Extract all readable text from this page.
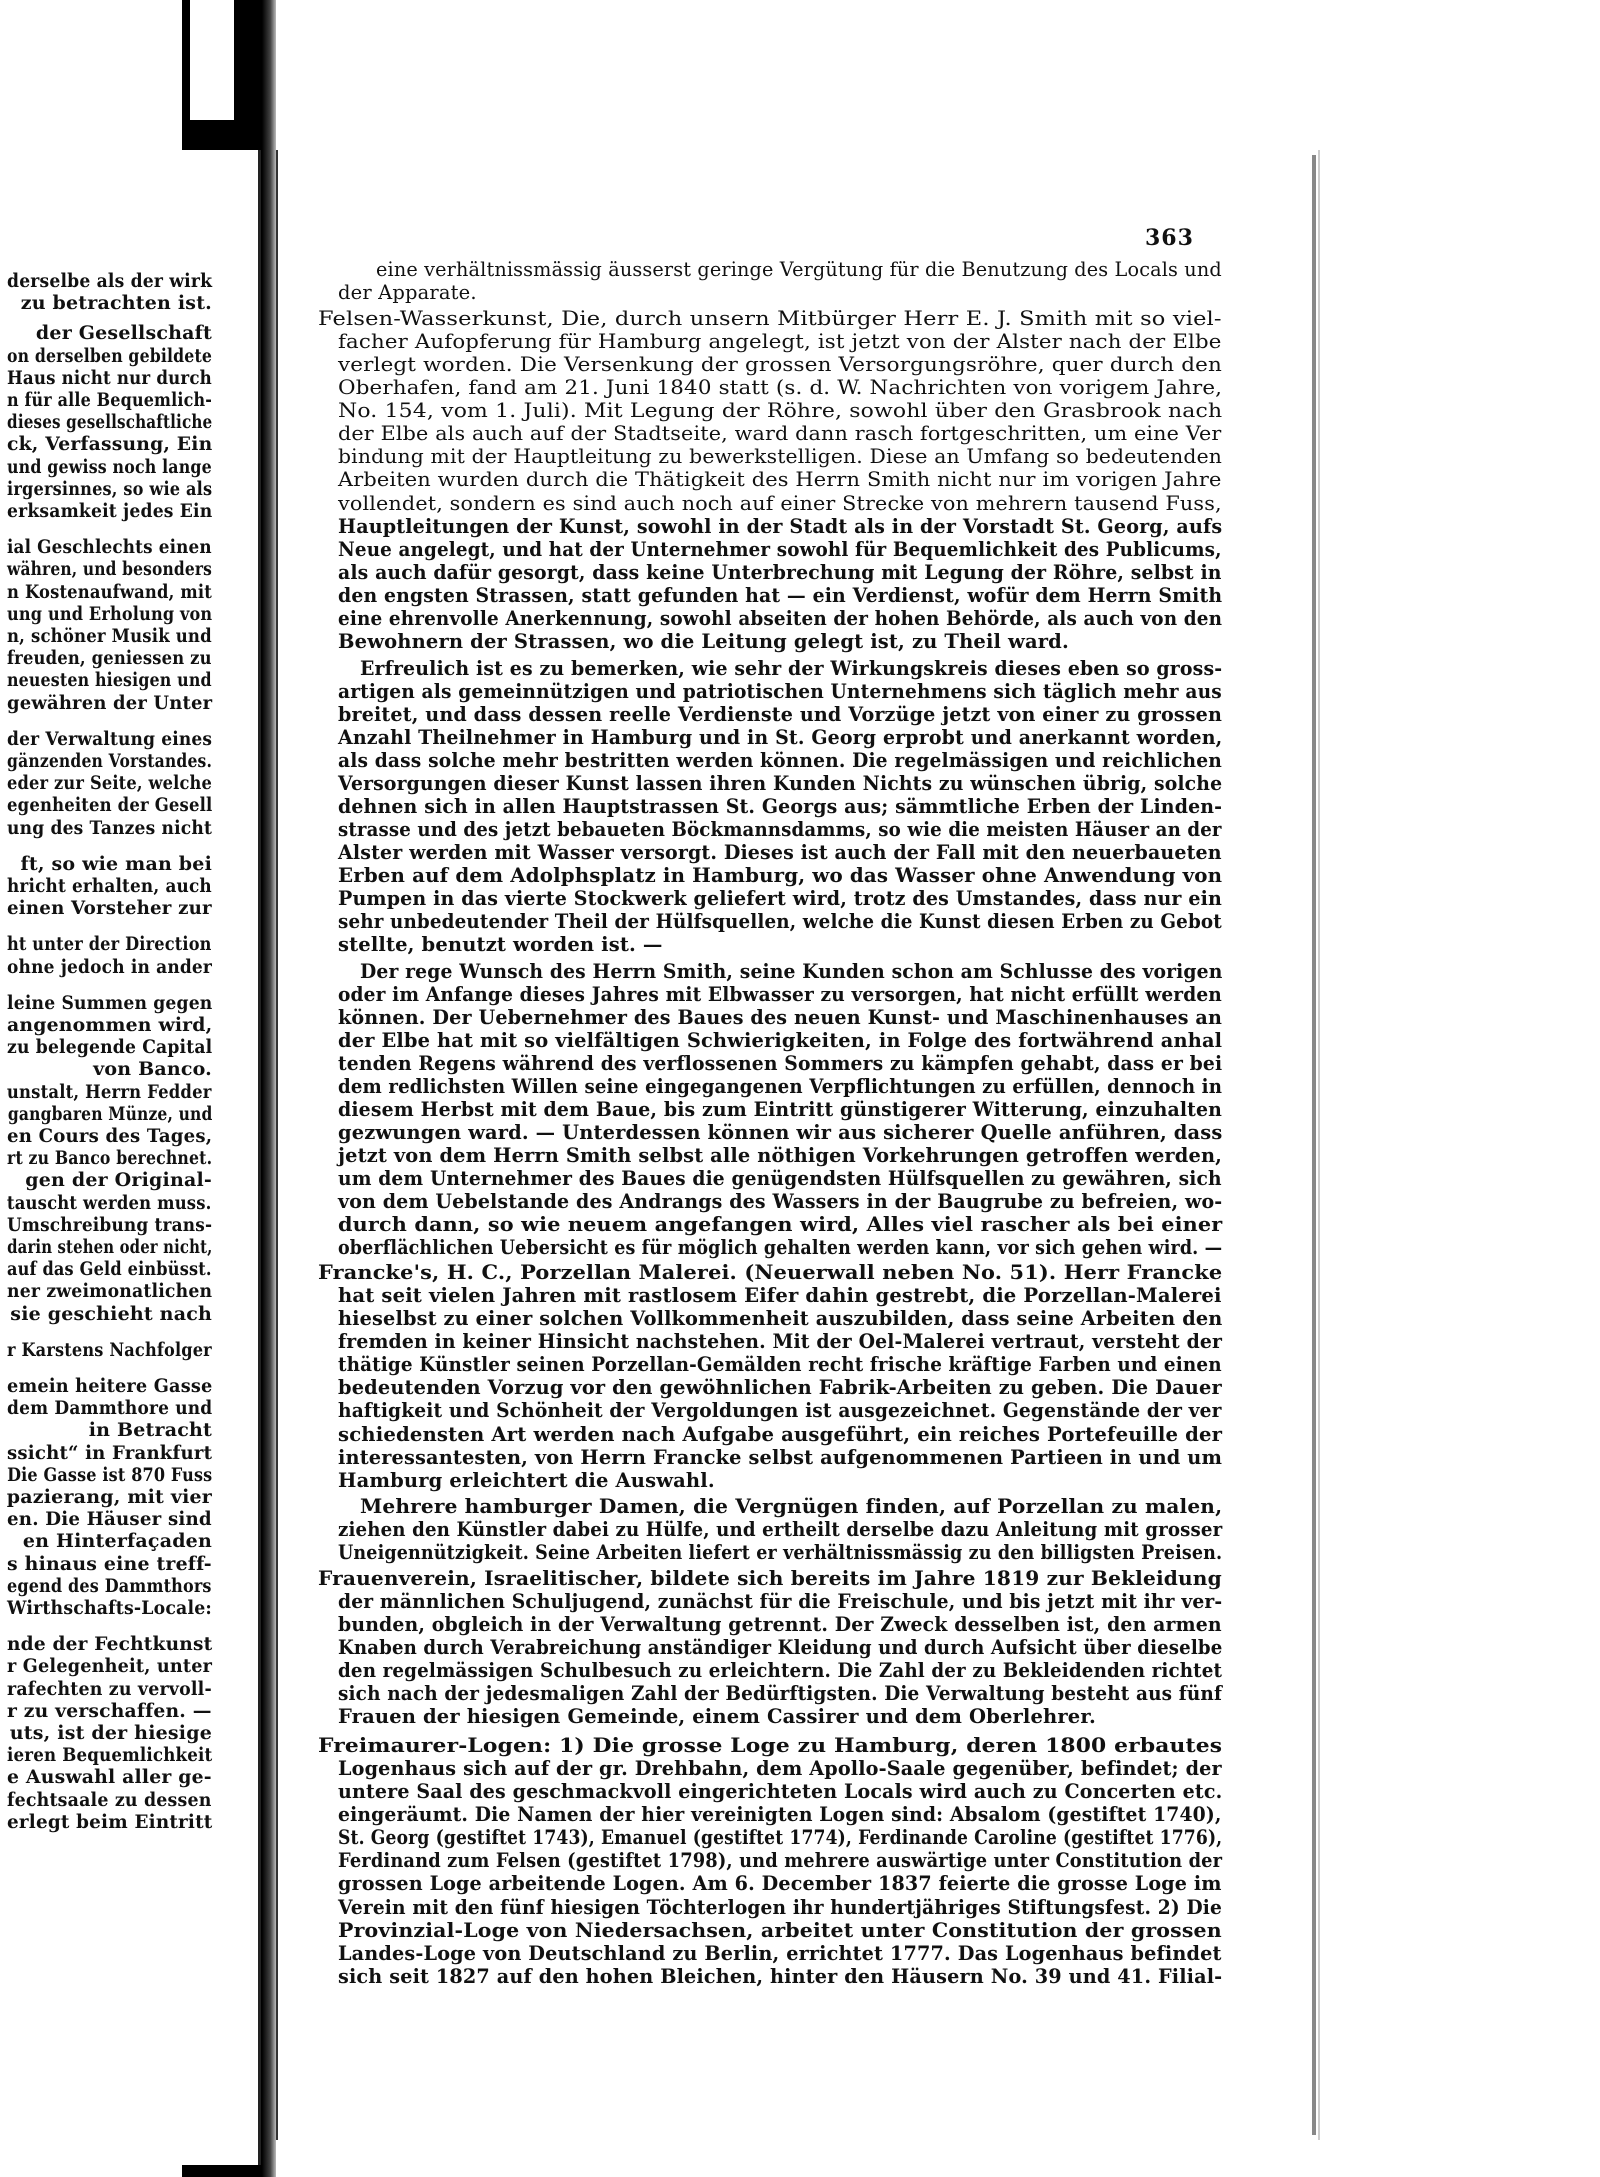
derselbe als der wirk
zu betrachten ist.
der Gesellschaft
on derselben gebildete
Haus nicht nur durch
n für alle Bequemlich-
dieses gesellschaftliche
ck, Verfassung, Ein
und gewiss noch lange
irgersinnes, so wie als
erksamkeit jedes Ein
ial Geschlechts einen
währen, und besonders
n Kostenaufwand, mit
ung und Erholung von
n, schöner Musik und
freuden, geniessen zu
neuesten hiesigen und
gewähren der Unter
der Verwaltung eines
gänzenden Vorstandes.
eder zur Seite, welche
egenheiten der Gesell
ung des Tanzes nicht
ft, so wie man bei
hricht erhalten, auch
einen Vorsteher zur
ht unter der Direction
ohne jedoch in ander
leine Summen gegen
angenommen wird,
zu belegende Capital
von Banco.
unstalt, Herrn Fedder
gangbaren Münze, und
en Cours des Tages,
rt zu Banco berechnet.
gen der Original-
tauscht werden muss.
Umschreibung trans-
darin stehen oder nicht,
auf das Geld einbüsst.
ner zweimonatlichen
sie geschieht nach
r Karstens Nachfolger
emein heitere Gasse
dem Dammthore und
in Betracht
ssicht“ in Frankfurt
Die Gasse ist 870 Fuss
pazierang, mit vier
en. Die Häuser sind
en Hinterfaçaden
s hinaus eine treff-
egend des Dammthors
Wirthschafts-Locale:
nde der Fechtkunst
r Gelegenheit, unter
rafechten zu vervoll-
r zu verschaffen. —
uts, ist der hiesige
ieren Bequemlichkeit
e Auswahl aller ge-
fechtsaale zu dessen
erlegt beim Eintritt
363
eine verhältnissmässig äusserst geringe Vergütung für die Benutzung des Locals und
der Apparate.
Felsen-Wasserkunst, Die, durch unsern Mitbürger Herr E. J. Smith mit so viel-
facher Aufopferung für Hamburg angelegt, ist jetzt von der Alster nach der Elbe
verlegt worden. Die Versenkung der grossen Versorgungsröhre, quer durch den
Oberhafen, fand am 21. Juni 1840 statt (s. d. W. Nachrichten von vorigem Jahre,
No. 154, vom 1. Juli). Mit Legung der Röhre, sowohl über den Grasbrook nach
der Elbe als auch auf der Stadtseite, ward dann rasch fortgeschritten, um eine Ver
bindung mit der Hauptleitung zu bewerkstelligen. Diese an Umfang so bedeutenden
Arbeiten wurden durch die Thätigkeit des Herrn Smith nicht nur im vorigen Jahre
vollendet, sondern es sind auch noch auf einer Strecke von mehrern tausend Fuss,
Hauptleitungen der Kunst, sowohl in der Stadt als in der Vorstadt St. Georg, aufs
Neue angelegt, und hat der Unternehmer sowohl für Bequemlichkeit des Publicums,
als auch dafür gesorgt, dass keine Unterbrechung mit Legung der Röhre, selbst in
den engsten Strassen, statt gefunden hat — ein Verdienst, wofür dem Herrn Smith
eine ehrenvolle Anerkennung, sowohl abseiten der hohen Behörde, als auch von den
Bewohnern der Strassen, wo die Leitung gelegt ist, zu Theil ward.
Erfreulich ist es zu bemerken, wie sehr der Wirkungskreis dieses eben so gross-
artigen als gemeinnützigen und patriotischen Unternehmens sich täglich mehr aus
breitet, und dass dessen reelle Verdienste und Vorzüge jetzt von einer zu grossen
Anzahl Theilnehmer in Hamburg und in St. Georg erprobt und anerkannt worden,
als dass solche mehr bestritten werden können. Die regelmässigen und reichlichen
Versorgungen dieser Kunst lassen ihren Kunden Nichts zu wünschen übrig, solche
dehnen sich in allen Hauptstrassen St. Georgs aus; sämmtliche Erben der Linden-
strasse und des jetzt bebaueten Böckmannsdamms, so wie die meisten Häuser an der
Alster werden mit Wasser versorgt. Dieses ist auch der Fall mit den neuerbaueten
Erben auf dem Adolphsplatz in Hamburg, wo das Wasser ohne Anwendung von
Pumpen in das vierte Stockwerk geliefert wird, trotz des Umstandes, dass nur ein
sehr unbedeutender Theil der Hülfsquellen, welche die Kunst diesen Erben zu Gebot
stellte, benutzt worden ist. —
Der rege Wunsch des Herrn Smith, seine Kunden schon am Schlusse des vorigen
oder im Anfange dieses Jahres mit Elbwasser zu versorgen, hat nicht erfüllt werden
können. Der Uebernehmer des Baues des neuen Kunst- und Maschinenhauses an
der Elbe hat mit so vielfältigen Schwierigkeiten, in Folge des fortwährend anhal
tenden Regens während des verflossenen Sommers zu kämpfen gehabt, dass er bei
dem redlichsten Willen seine eingegangenen Verpflichtungen zu erfüllen, dennoch in
diesem Herbst mit dem Baue, bis zum Eintritt günstigerer Witterung, einzuhalten
gezwungen ward. — Unterdessen können wir aus sicherer Quelle anführen, dass
jetzt von dem Herrn Smith selbst alle nöthigen Vorkehrungen getroffen werden,
um dem Unternehmer des Baues die genügendsten Hülfsquellen zu gewähren, sich
von dem Uebelstande des Andrangs des Wassers in der Baugrube zu befreien, wo-
durch dann, so wie neuem angefangen wird, Alles viel rascher als bei einer
oberflächlichen Uebersicht es für möglich gehalten werden kann, vor sich gehen wird. —
Francke's, H. C., Porzellan Malerei. (Neuerwall neben No. 51). Herr Francke
hat seit vielen Jahren mit rastlosem Eifer dahin gestrebt, die Porzellan-Malerei
hieselbst zu einer solchen Vollkommenheit auszubilden, dass seine Arbeiten den
fremden in keiner Hinsicht nachstehen. Mit der Oel-Malerei vertraut, versteht der
thätige Künstler seinen Porzellan-Gemälden recht frische kräftige Farben und einen
bedeutenden Vorzug vor den gewöhnlichen Fabrik-Arbeiten zu geben. Die Dauer
haftigkeit und Schönheit der Vergoldungen ist ausgezeichnet. Gegenstände der ver
schiedensten Art werden nach Aufgabe ausgeführt, ein reiches Portefeuille der
interessantesten, von Herrn Francke selbst aufgenommenen Partieen in und um
Hamburg erleichtert die Auswahl.
Mehrere hamburger Damen, die Vergnügen finden, auf Porzellan zu malen,
ziehen den Künstler dabei zu Hülfe, und ertheilt derselbe dazu Anleitung mit grosser
Uneigennützigkeit. Seine Arbeiten liefert er verhältnissmässig zu den billigsten Preisen.
Frauenverein, Israelitischer, bildete sich bereits im Jahre 1819 zur Bekleidung
der männlichen Schuljugend, zunächst für die Freischule, und bis jetzt mit ihr ver-
bunden, obgleich in der Verwaltung getrennt. Der Zweck desselben ist, den armen
Knaben durch Verabreichung anständiger Kleidung und durch Aufsicht über dieselbe
den regelmässigen Schulbesuch zu erleichtern. Die Zahl der zu Bekleidenden richtet
sich nach der jedesmaligen Zahl der Bedürftigsten. Die Verwaltung besteht aus fünf
Frauen der hiesigen Gemeinde, einem Cassirer und dem Oberlehrer.
Freimaurer-Logen: 1) Die grosse Loge zu Hamburg, deren 1800 erbautes
Logenhaus sich auf der gr. Drehbahn, dem Apollo-Saale gegenüber, befindet; der
untere Saal des geschmackvoll eingerichteten Locals wird auch zu Concerten etc.
eingeräumt. Die Namen der hier vereinigten Logen sind: Absalom (gestiftet 1740),
St. Georg (gestiftet 1743), Emanuel (gestiftet 1774), Ferdinande Caroline (gestiftet 1776),
Ferdinand zum Felsen (gestiftet 1798), und mehrere auswärtige unter Constitution der
grossen Loge arbeitende Logen. Am 6. December 1837 feierte die grosse Loge im
Verein mit den fünf hiesigen Töchterlogen ihr hundertjähriges Stiftungsfest. 2) Die
Provinzial-Loge von Niedersachsen, arbeitet unter Constitution der grossen
Landes-Loge von Deutschland zu Berlin, errichtet 1777. Das Logenhaus befindet
sich seit 1827 auf den hohen Bleichen, hinter den Häusern No. 39 und 41. Filial-
